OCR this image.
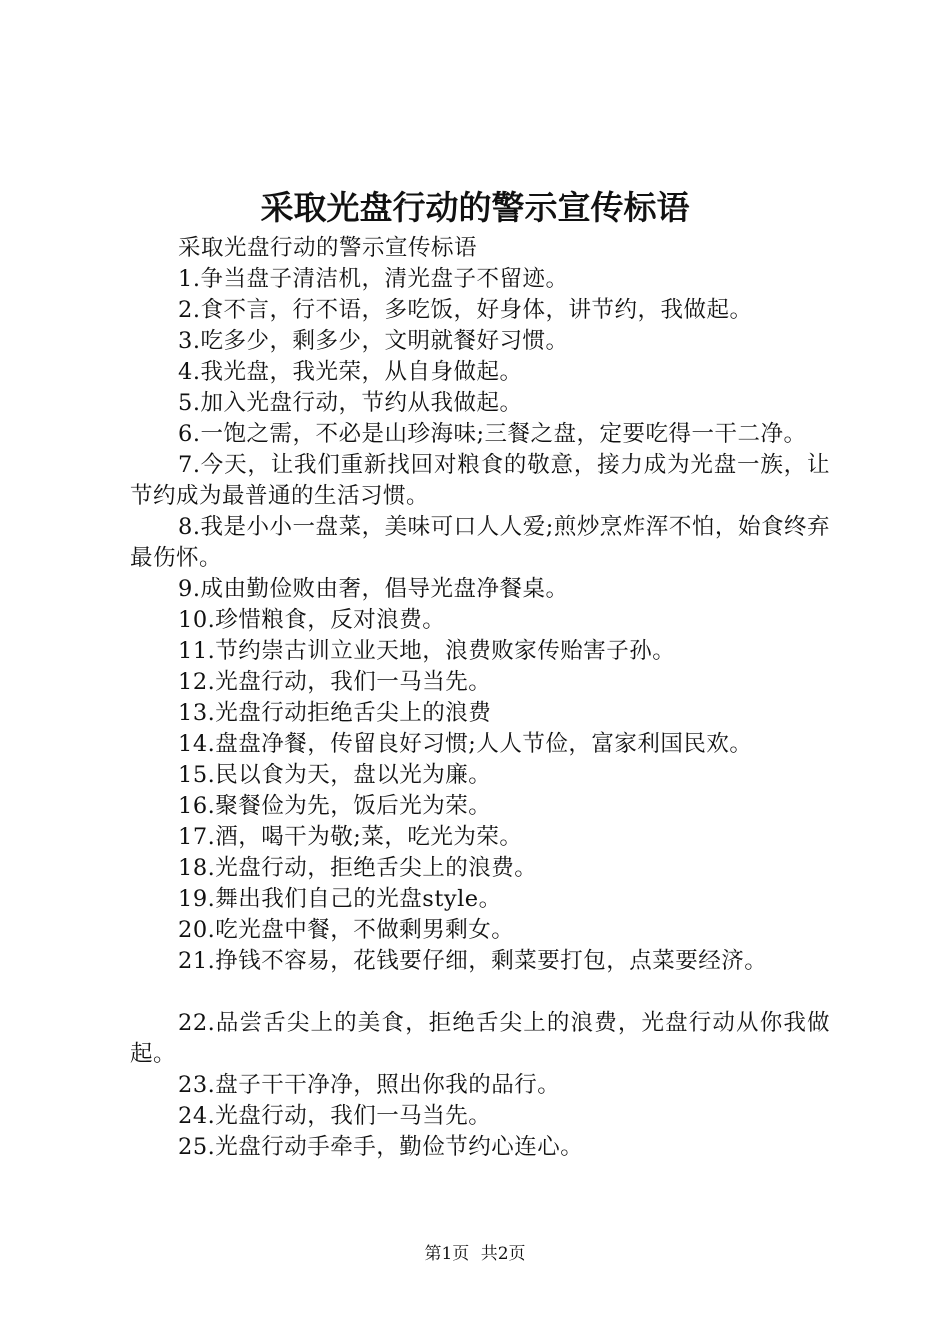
采取光盘行动的警示宣传标语

采取光盘行动的警示宣传标语

1.争当盘子清洁机，清光盘子不留迹。

2.食不言，行不语，多吃饭，好身体，讲节约，我做起。

3.吃多少，剩多少，文明就餐好习惯。

4.我光盘，我光荣，从自身做起。

5.加入光盘行动，节约从我做起。

6.一饱之需，不必是山珍海味;三餐之盘，定要吃得一干二净。

7.今天，让我们重新找回对粮食的敬意，接力成为光盘一族，让节约成为最普通的生活习惯。

8.我是小小一盘菜，美味可口人人爱;煎炒烹炸浑不怕，始食终弃最伤怀。

9.成由勤俭败由奢，倡导光盘净餐桌。

10.珍惜粮食，反对浪费。

11.节约崇古训立业天地，浪费败家传贻害子孙。

12.光盘行动，我们一马当先。

13.光盘行动拒绝舌尖上的浪费

14.盘盘净餐，传留良好习惯;人人节俭，富家利国民欢。

15.民以食为天，盘以光为廉。

16.聚餐俭为先，饭后光为荣。

17.酒，喝干为敬;菜，吃光为荣。

18.光盘行动，拒绝舌尖上的浪费。

19.舞出我们自己的光盘style。

20.吃光盘中餐，不做剩男剩女。

21.挣钱不容易，花钱要仔细，剩菜要打包，点菜要经济。

22.品尝舌尖上的美食，拒绝舌尖上的浪费，光盘行动从你我做起。

23.盘子干干净净，照出你我的品行。

24.光盘行动，我们一马当先。

25.光盘行动手牵手，勤俭节约心连心。

第1页 共2页
